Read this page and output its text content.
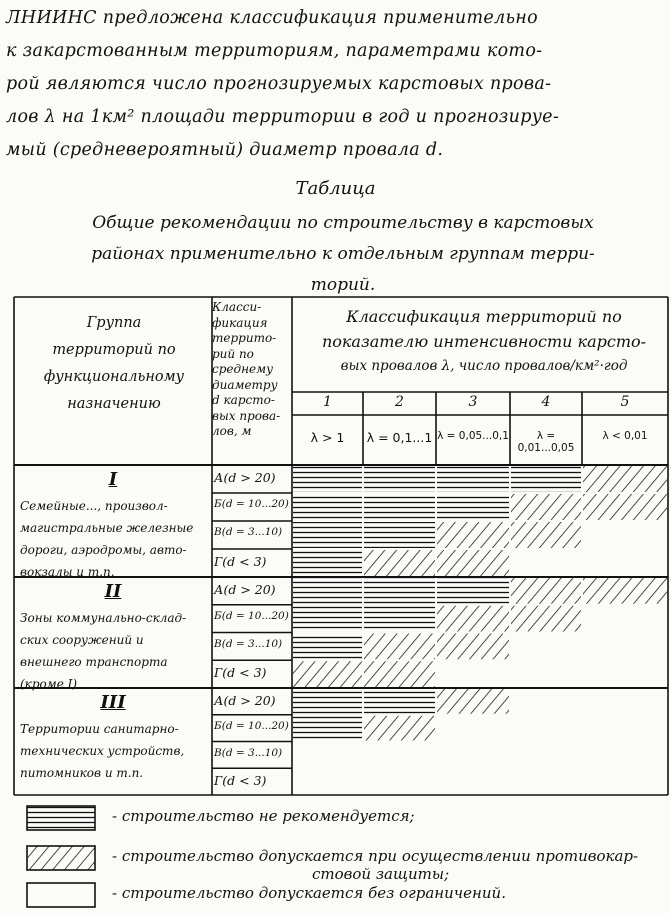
ЛНИИНС предложена классификация применительно
к закарстованным территориям, параметрами кото-
рой являются число прогнозируемых карстовых прова-
лов λ на 1км² площади территории в год и прогнозируе-
мый (средневероятный) диаметр провала d.
Таблица
Общие рекомендации по строительству в карстовых
районах применительно к отдельным группам терри-
торий.
Группа
территорий по
функциональному
назначению
Класси-
фикация
террито-
рий по
среднему
диаметру
d карсто-
вых прова-
лов, м
Классификация территорий по
показателю интенсивности карсто-
вых провалов λ, число провалов/км²·год
1
λ > 1
2
λ = 0,1...1
3
λ = 0,05...0,1
4
λ = 0,01...0,05
5
λ < 0,01
I
Семейные..., произвол-
магистральные железные
дороги, аэродромы, авто-
вокзалы и т.п.
А(d > 20)
Б(d = 10...20)
В(d = 3...10)
Г(d < 3)
II
Зоны коммунально-склад-
ских сооружений и
внешнего транспорта
(кроме I)
А(d > 20)
Б(d = 10...20)
В(d = 3...10)
Г(d < 3)
III
Территории санитарно-
технических устройств,
питомников и т.п.
А(d > 20)
Б(d = 10...20)
В(d = 3...10)
Г(d < 3)
- строительство не рекомендуется;
- строительство допускается при осуществлении противокар-
стовой защиты;
- строительство допускается без ограничений.
